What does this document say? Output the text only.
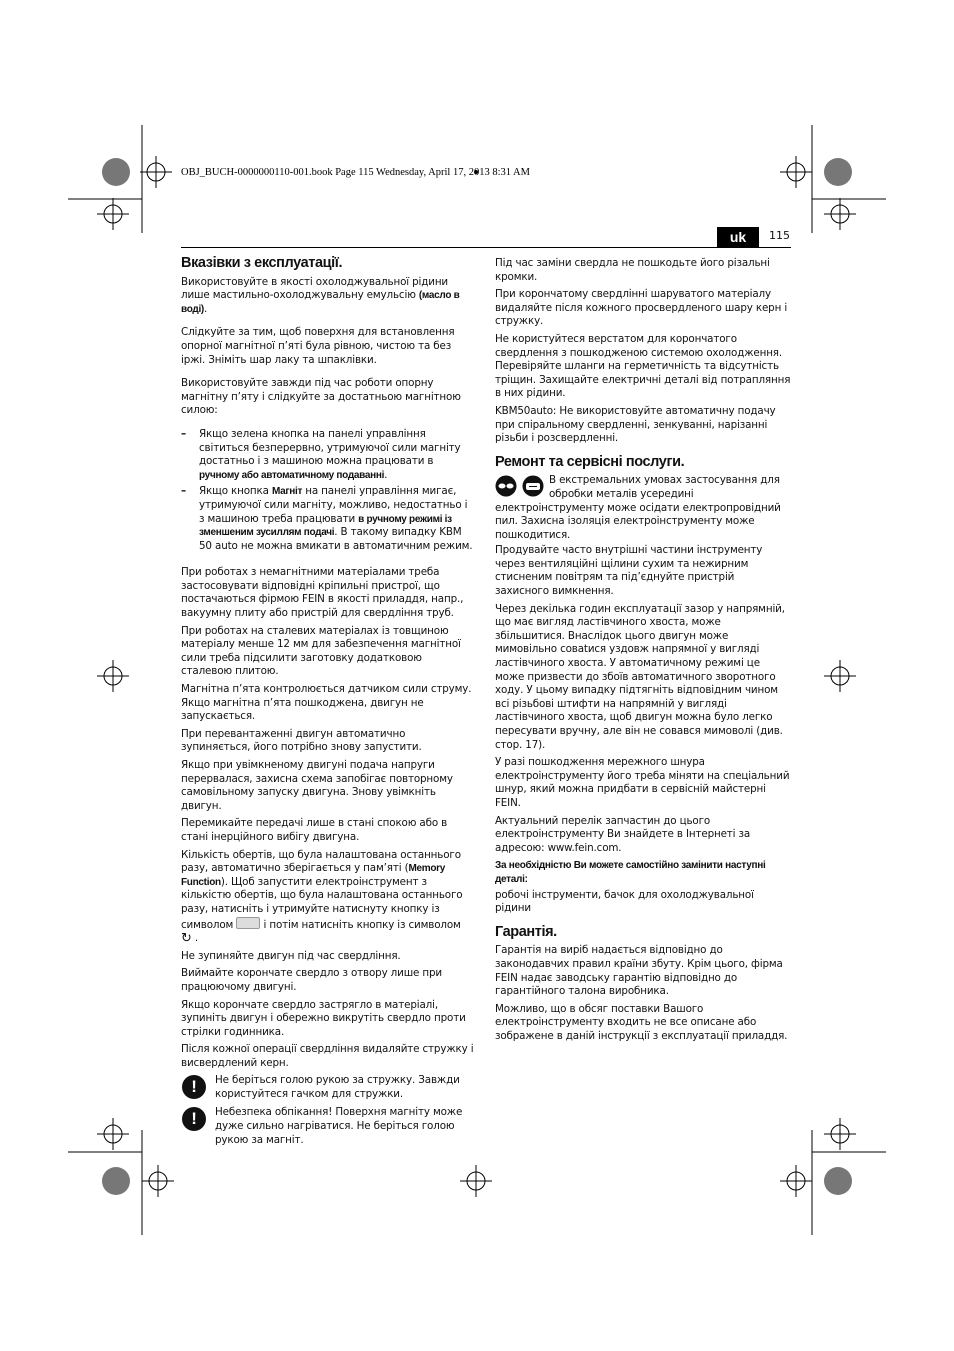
OBJ_BUCH-0000000110-001.book Page 115 Wednesday, April 17, 2013 8:31 AM
uk	115
Вказівки з експлуатації.

Використовуйте в якості охолоджувальної рідини лише мастильно-охолоджувальну емульсію (масло в воді).

Слідкуйте за тим, щоб поверхня для встановлення опорної магнітної п’яті була рівною, чистою та без іржі. Зніміть шар лаку та шпаклівки.

Використовуйте завжди під час роботи опорну магнітну п’яту і слідкуйте за достатньою магнітною силою:

– Якщо зелена кнопка на панелі управління світиться безперервно, утримуючої сили магніту достатньо і з машиною можна працювати в ручному або автоматичному подаванні.
– Якщо кнопка Магніт на панелі управління мигає, утримуючої сили магніту, можливо, недостатньо і з машиною треба працювати в ручному режимі із зменшеним зусиллям подачі. В такому випадку KBM 50 auto не можна вмикати в автоматичним режим.

При роботах з немагнітними матеріалами треба застосовувати відповідні кріпильні пристрої, що постачаються фірмою FEIN в якості приладдя, напр., вакуумну плиту або пристрій для свердління труб.

При роботах на сталевих матеріалах із товщиною матеріалу менше 12 мм для забезпечення магнітної сили треба підсилити заготовку додатковою сталевою плитою.

Магнітна п’ята контролюється датчиком сили струму. Якщо магнітна п’ята пошкоджена, двигун не запускається.

При перевантаженні двигун автоматично зупиняється, його потрібно знову запустити.

Якщо при увімкненому двигуні подача напруги перервалася, захисна схема запобігає повторному самовільному запуску двигуна. Знову увімкніть двигун.

Перемикайте передачі лише в стані спокою або в стані інерційного вибігу двигуна.

Кількість обертів, що була налаштована останнього разу, автоматично зберігається у пам’яті (Memory Function). Щоб запустити електроінструмент з кількістю обертів, що була налаштована останнього разу, натисніть і утримуйте натиснуту кнопку із символом  і потім натисніть кнопку із символом
↻ .

Не зупиняйте двигун під час свердління.

Виймайте корончате свердло з отвору лише при працюючому двигуні.

Якщо корончате свердло застрягло в матеріалі, зупиніть двигун і обережно викрутіть свердло проти стрілки годинника.

Після кожної операції свердління видаляйте стружку і висвердлений керн.

!	Не беріться голою рукою за стружку. Завжди користуйтеся гачком для стружки.
!	Небезпека обпікання! Поверхня магніту може дуже сильно нагріватися. Не беріться голою рукою за магніт.

Під час заміни свердла не пошкодьте його різальні кромки.

При корончатому свердлінні шаруватого матеріалу видаляйте після кожного просвердленого шару керн і стружку.

Не користуйтеся верстатом для корончатого свердлення з пошкодженою системою охолодження. Перевіряйте шланги на герметичність та відсутність тріщин. Захищайте електричні деталі від потрапляння в них рідини.

KBM50auto: Не використовуйте автоматичну подачу при спіральному свердленні, зенкуванні, нарізанні різьби і розсвердленні.

Ремонт та сервісні послуги.
В екстремальних умовах застосування для обробки металів усередині електроінструменту може осідати електропровідний пил. Захисна ізоляція електроінструменту може пошкодитися.

Продувайте часто внутрішні частини інструменту через вентиляційні щілини сухим та нежирним стисненим повітрям та під’єднуйте пристрій захисного вимкнення.

Через декілька годин експлуатації зазор у напрямній, що має вигляд ластівчиного хвоста, може збільшитися. Внаслідок цього двигун може мимовільно совatися уздовж напрямної у вигляді ластівчиного хвоста. У автоматичному режимі це може призвести до збоїв автоматичного зворотного ходу. У цьому випадку підтягніть відповідним чином всі різьбові штифти на напрямній у вигляді ластівчиного хвоста, щоб двигун можна було легко пересувати вручну, але він не совався мимоволі (див. стор. 17).

У разі пошкодження мережного шнура електроінструменту його треба міняти на спеціальний шнур, який можна придбати в сервісній майстерні FEIN.

Актуальний перелік запчастин до цього електроінструменту Ви знайдете в Інтернеті за адресою: www.fein.com.

За необхідністю Ви можете самостійно замінити наступні деталі:

робочі інструменти, бачок для охолоджувальної рідини

Гарантія.

Гарантія на виріб надається відповідно до законодавчих правил країни збуту. Крім цього, фірма FEIN надає заводську гарантію відповідно до гарантійного талона виробника.

Можливо, що в обсяг поставки Вашого електроінструменту входить не все описане або зображене в даній інструкції з експлуатації приладдя.
